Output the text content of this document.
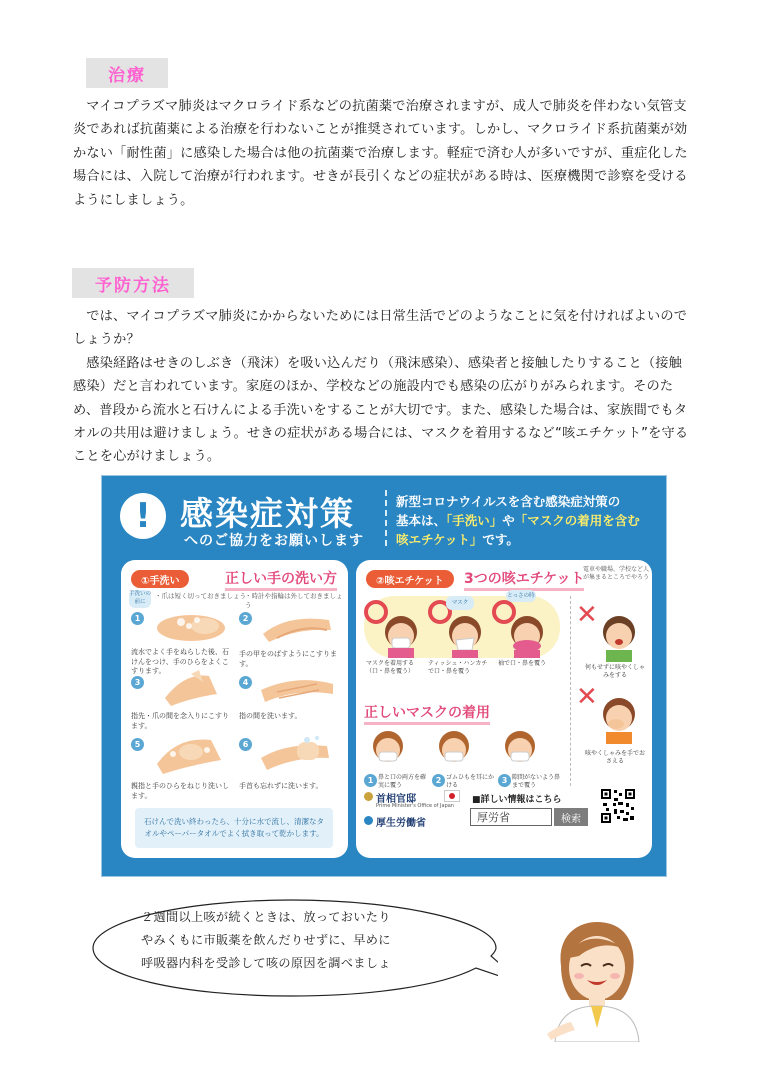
治療

マイコプラズマ肺炎はマクロライド系などの抗菌薬で治療されますが、成人で肺炎を伴わない気管支炎であれば抗菌薬による治療を行わないことが推奨されています。しかし、マクロライド系抗菌薬が効かない「耐性菌」に感染した場合は他の抗菌薬で治療します。軽症で済む人が多いですが、重症化した場合には、入院して治療が行われます。せきが長引くなどの症状がある時は、医療機関で診察を受けるようにしましょう。

予防方法

では、マイコプラズマ肺炎にかからないためには日常生活でどのようなことに気を付ければよいのでしょうか？

感染経路はせきのしぶき（飛沫）を吸い込んだり（飛沫感染）、感染者と接触したりすること（接触感染）だと言われています。家庭のほか、学校などの施設内でも感染の広がりがみられます。そのため、普段から流水と石けんによる手洗いをすることが大切です。また、感染した場合は、家族間でもタオルの共用は避けましょう。せきの症状がある場合には、マスクを着用するなど“咳エチケット”を守ることを心がけましょう。

! 感染症対策
へのご協力をお願いします
新型コロナウイルスを含む感染症対策の
基本は、「手洗い」や「マスクの着用を含む
咳エチケット」です。
①手洗い	正しい手の洗い方
手洗いの前に
・爪は短く切っておきましょう ・時計や指輪は外しておきましょう
1
流水でよく手をぬらした後、石けんをつけ、手のひらをよくこすります。
2
手の甲をのばすようにこすります。
3
指先・爪の間を念入りにこすります。
4
指の間を洗います。
5
親指と手のひらをねじり洗いします。
6
手首も忘れずに洗います。
石けんで洗い終わったら、十分に水で流し、清潔なタオルやペーパータオルでよく拭き取って乾かします。
②咳エチケット	3つの咳エチケット
電車や職場、学校など人が集まるところでやろう
マスク
とっさの時
マスクを着用する（口・鼻を覆う）
ティッシュ・ハンカチで口・鼻を覆う
袖で口・鼻を覆う
正しいマスクの着用
1 鼻と口の両方を確実に覆う
2 ゴムひもを耳にかける
3 隙間がないよう鼻まで覆う
✕
何もせずに咳やくしゃみをする
✕
咳やくしゃみを手でおさえる
首相官邸
Prime Minister's Office of Japan
厚生労働省
■詳しい情報はこちら
厚労省	検索
２週間以上咳が続くときは、放っておいたり
やみくもに市販薬を飲んだりせずに、早めに
呼吸器内科を受診して咳の原因を調べましょ
